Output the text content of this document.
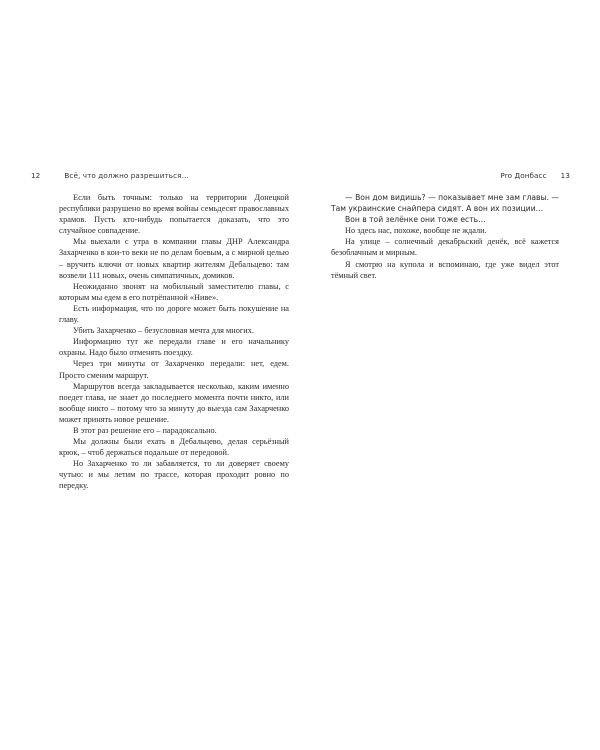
12	Всё, что должно разрешиться…	Pro Донбасс 13

Если быть точным: только на территории Донецкой республики разрушено во время войны семьдесят православных храмов. Пусть кто-нибудь попытается доказать, что это случайное совпадение.

Мы выехали с утра в компании главы ДНР Александра Захарченко в кои-то веки не по делам боевым, а с мирной целью – вручить ключи от новых квартир жителям Дебальцево: там возвели 111 новых, очень симпатичных, домиков.

Неожиданно звонят на мобильный заместителю главы, с которым мы едем в его потрёпанной «Ниве».

Есть информация, что по дороге может быть покушение на главу.

Убить Захарченко – безусловная мечта для многих.

Информацию тут же передали главе и его начальнику охраны. Надо было отменять поездку.

Через три минуты от Захарченко передали: нет, едем. Просто сменим маршрут.

Маршрутов всегда закладывается несколько, каким именно поедет глава, не знает до последнего момента почти никто, или вообще никто – потому что за минуту до выезда сам Захарченко может принять новое решение.

В этот раз решение его – парадоксально.

Мы должны были ехать в Дебальцево, делая серьёзный крюк, – чтоб держаться подальше от передовой.

Но Захарченко то ли забавляется, то ли доверяет своему чутью: и мы летим по трассе, которая проходит ровно по передку.

— Вон дом видишь? — показывает мне зам главы. — Там украинские снайпера сидят. А вон их позиции…

Вон в той зелёнке они тоже есть…

Но здесь нас, похоже, вообще не ждали.

На улице – солнечный декабрьский денёк, всё кажется безоблачным и мирным.

Я смотрю на купола и вспоминаю, где уже видел этот тёмный свет.
